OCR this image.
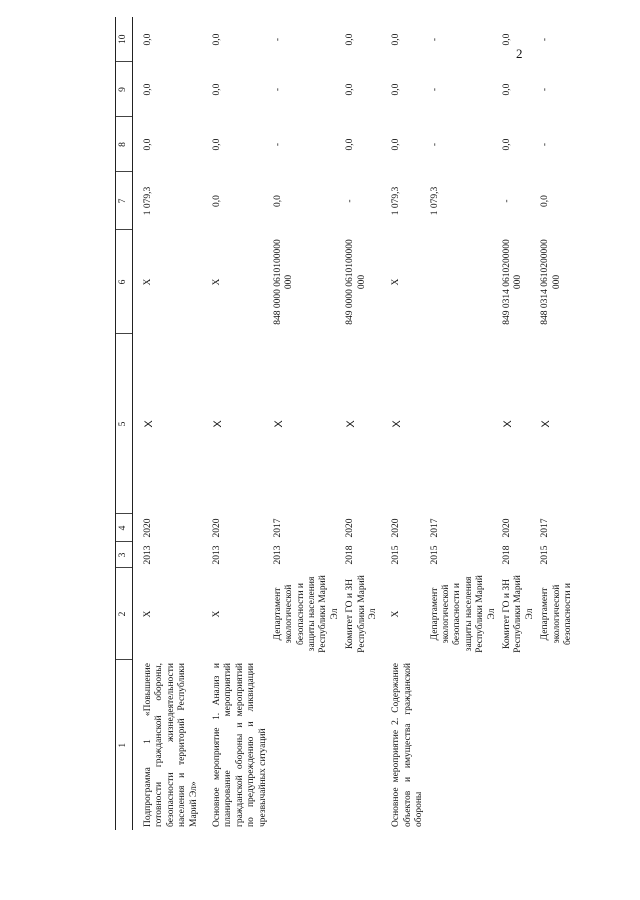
2
1	2	3	4	5	6	7	8	9	10
Подпрограмма 1 «Повышение готовности гражданской обороны, безопасности жизнедеятельности населения и территорий Республики Марий Эл»	X	2013	2020	X	X	1 079,3	0,0	0,0	0,0
Основное мероприятие 1. Анализ и планирование мероприятий гражданской обороны и мероприятий по предупреждению и ликвидации чрезвычайных ситуаций	X	2013	2020	X	X	0,0	0,0	0,0	0,0
	Департамент экологической безопасности и защиты населения Республики Марий Эл	2013	2017	X	848 0000 0610100000 000	0,0	-	-	-
	Комитет ГО и ЗН Республики Марий Эл	2018	2020	X	849 0000 0610100000 000	-	0,0	0,0	0,0
Основное мероприятие 2. Содержание объектов и имущества гражданской обороны	X	2015	2020	X	X	1 079,3	0,0	0,0	0,0
	Департамент экологической безопасности и защиты населения Республики Марий Эл	2015	2017			1 079,3	-	-	-
	Комитет ГО и ЗН Республики Марий Эл	2018	2020	X	849 0314 0610200000 000	-	0,0	0,0	0,0
	Департамент экологической безопасности и	2015	2017	X	848 0314 0610200000 000	0,0	-	-	-
